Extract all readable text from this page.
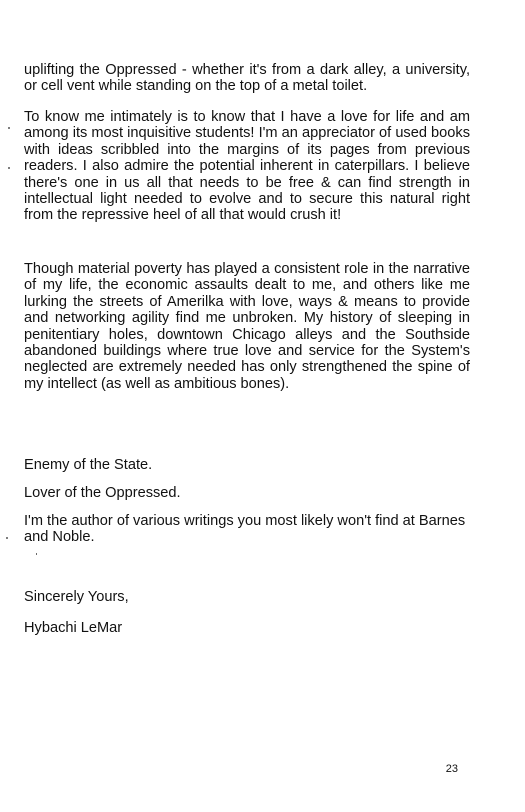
uplifting the Oppressed - whether it's from a dark alley, a university, or cell vent while standing on the top of a metal toilet.

To know me intimately is to know that I have a love for life and am among its most inquisitive students! I'm an appreciator of used books with ideas scribbled into the margins of its pages from previous readers. I also admire the potential inherent in caterpillars. I believe there's one in us all that needs to be free & can find strength in intellectual light needed to evolve and to secure this natural right from the repressive heel of all that would crush it!

Though material poverty has played a consistent role in the narrative of my life, the economic assaults dealt to me, and others like me lurking the streets of Amerilka with love, ways & means to provide and networking agility find me unbroken. My history of sleeping in penitentiary holes, downtown Chicago alleys and the Southside abandoned buildings where true love and service for the System's neglected are extremely needed has only strengthened the spine of my intellect (as well as ambitious bones).

Enemy of the State.

Lover of the Oppressed.

I'm the author of various writings you most likely won't find at Barnes and Noble.

Sincerely Yours,

Hybachi LeMar

23
